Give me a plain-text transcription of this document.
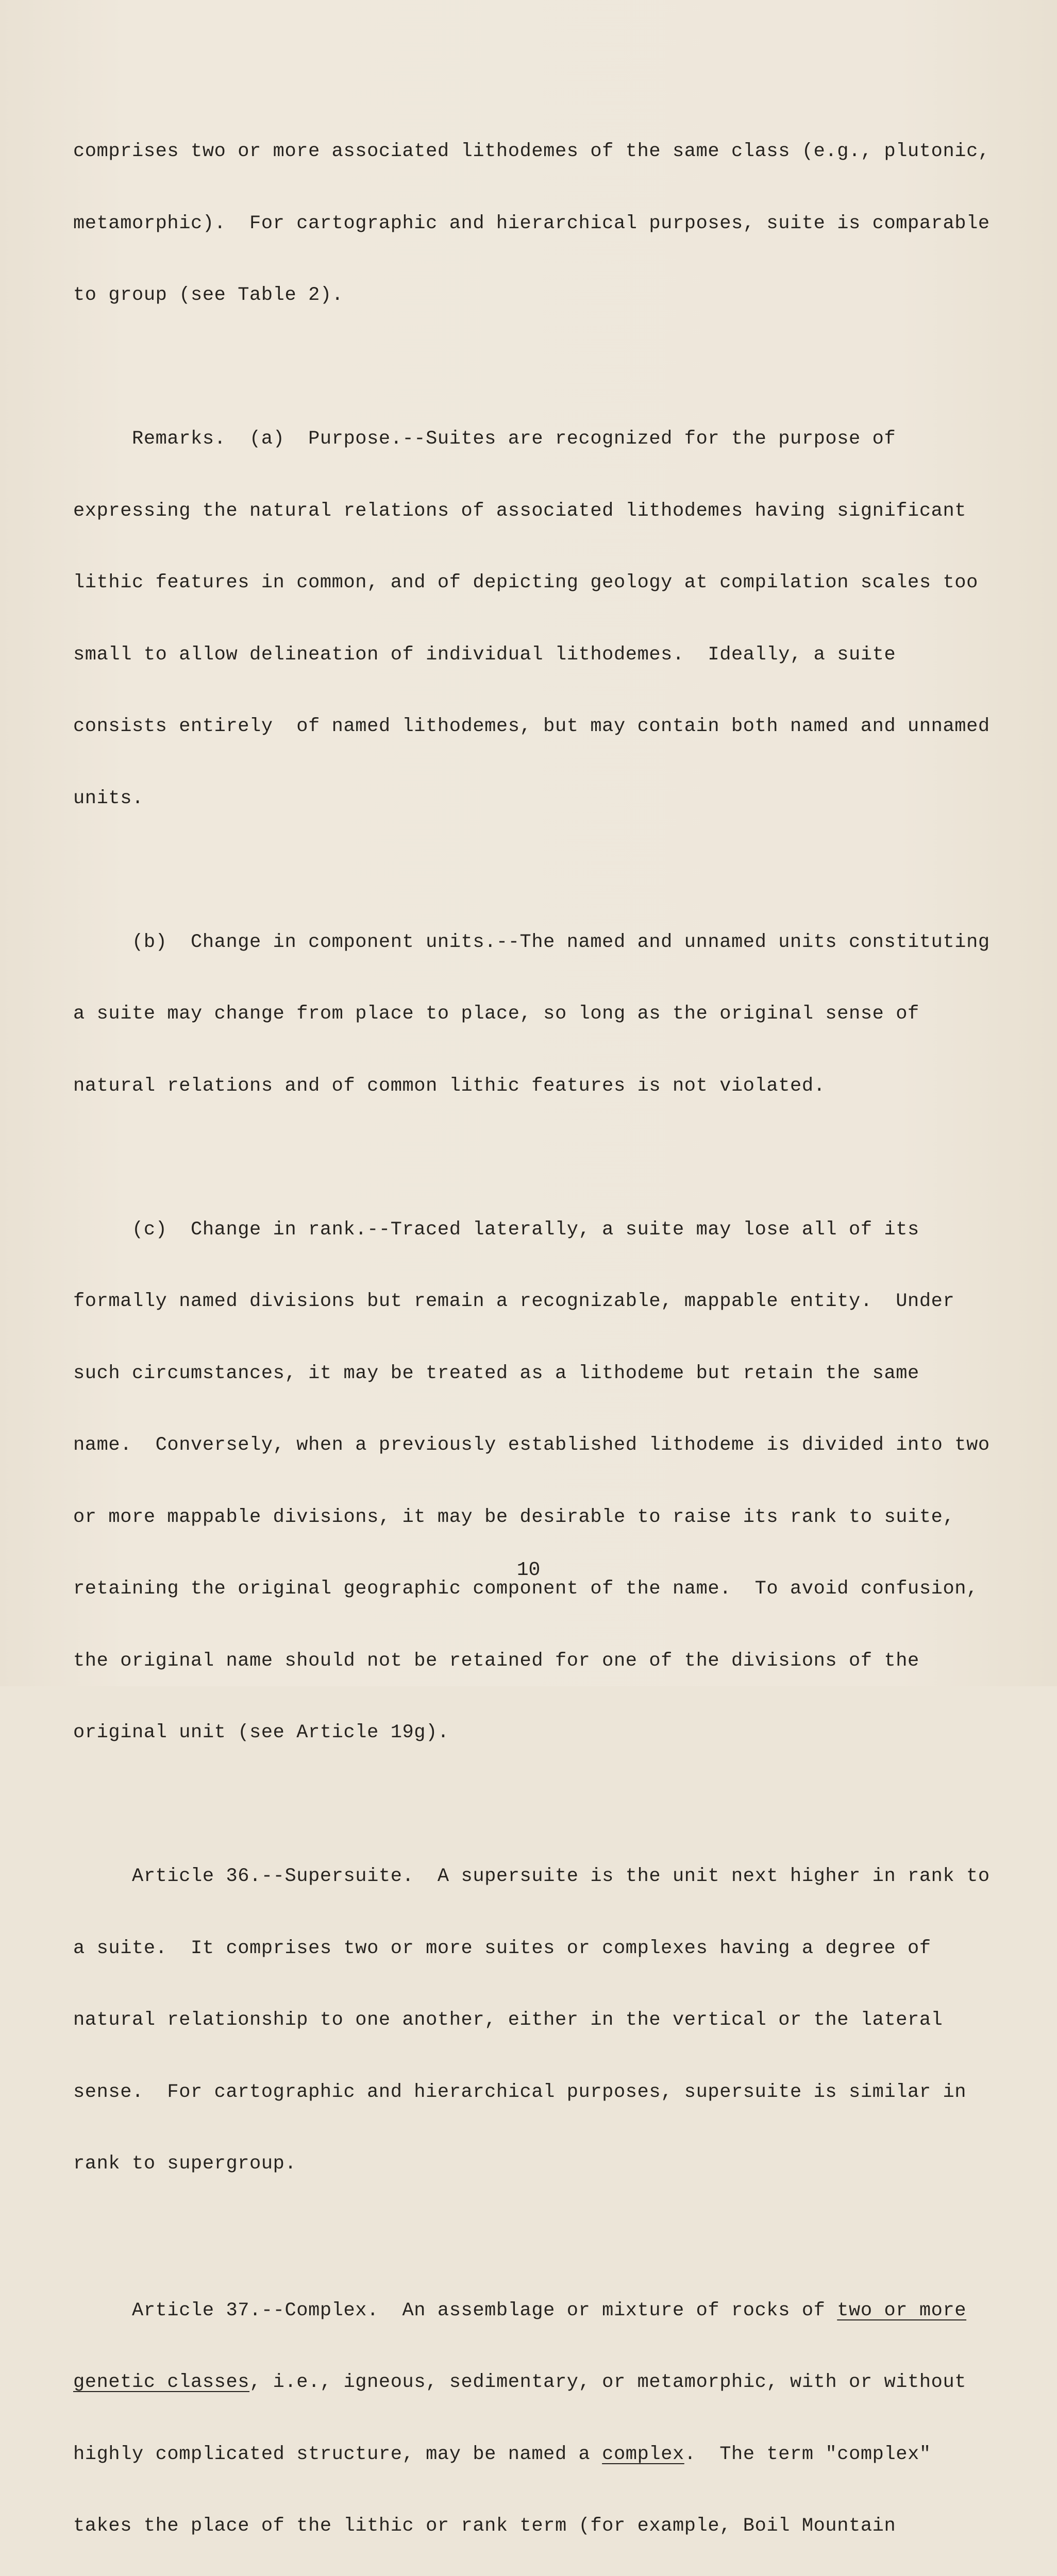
comprises two or more associated lithodemes of the same class (e.g., plutonic,

metamorphic).  For cartographic and hierarchical purposes, suite is comparable

to group (see Table 2).

Remarks.  (a)  Purpose.--Suites are recognized for the purpose of

expressing the natural relations of associated lithodemes having significant

lithic features in common, and of depicting geology at compilation scales too

small to allow delineation of individual lithodemes.  Ideally, a suite

consists entirely  of named lithodemes, but may contain both named and unnamed

units.

(b)  Change in component units.--The named and unnamed units constituting

a suite may change from place to place, so long as the original sense of

natural relations and of common lithic features is not violated.

(c)  Change in rank.--Traced laterally, a suite may lose all of its

formally named divisions but remain a recognizable, mappable entity.  Under

such circumstances, it may be treated as a lithodeme but retain the same

name.  Conversely, when a previously established lithodeme is divided into two

or more mappable divisions, it may be desirable to raise its rank to suite,

retaining the original geographic component of the name.  To avoid confusion,

the original name should not be retained for one of the divisions of the

original unit (see Article 19g).

Article 36.--Supersuite.  A supersuite is the unit next higher in rank to

a suite.  It comprises two or more suites or complexes having a degree of

natural relationship to one another, either in the vertical or the lateral

sense.  For cartographic and hierarchical purposes, supersuite is similar in

rank to supergroup.

Article 37.--Complex.  An assemblage or mixture of rocks of two or more

genetic classes, i.e., igneous, sedimentary, or metamorphic, with or without

highly complicated structure, may be named a complex.  The term "complex"

takes the place of the lithic or rank term (for example, Boil Mountain

10
